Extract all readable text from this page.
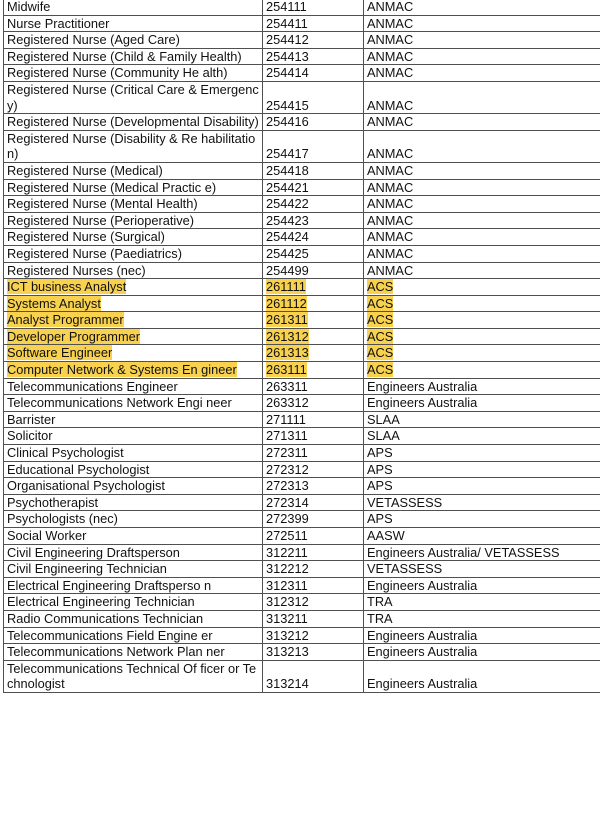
Midwife	254111	ANMAC
Nurse Practitioner	254411	ANMAC
Registered Nurse (Aged Care)	254412	ANMAC
Registered Nurse (Child & Family Health)	254413	ANMAC
Registered Nurse (Community He alth)	254414	ANMAC
Registered Nurse (Critical Care & Emergency)	254415	ANMAC
Registered Nurse (Developmental Disability)	254416	ANMAC
Registered Nurse (Disability & Re habilitation)	254417	ANMAC
Registered Nurse (Medical)	254418	ANMAC
Registered Nurse (Medical Practic e)	254421	ANMAC
Registered Nurse (Mental Health)	254422	ANMAC
Registered Nurse (Perioperative)	254423	ANMAC
Registered Nurse (Surgical)	254424	ANMAC
Registered Nurse (Paediatrics)	254425	ANMAC
Registered Nurses (nec)	254499	ANMAC
ICT business Analyst	261111	ACS
Systems Analyst	261112	ACS
Analyst Programmer	261311	ACS
Developer Programmer	261312	ACS
Software Engineer	261313	ACS
Computer Network & Systems En gineer	263111	ACS
Telecommunications Engineer	263311	Engineers Australia
Telecommunications Network Engi neer	263312	Engineers Australia
Barrister	271111	SLAA
Solicitor	271311	SLAA
Clinical Psychologist	272311	APS
Educational Psychologist	272312	APS
Organisational Psychologist	272313	APS
Psychotherapist	272314	VETASSESS
Psychologists (nec)	272399	APS
Social Worker	272511	AASW
Civil Engineering Draftsperson	312211	Engineers Australia/ VETASSESS
Civil Engineering Technician	312212	VETASSESS
Electrical Engineering Draftsperso n	312311	Engineers Australia
Electrical Engineering Technician	312312	TRA
Radio Communications Technician	313211	TRA
Telecommunications Field Engine er	313212	Engineers Australia
Telecommunications Network Plan ner	313213	Engineers Australia
Telecommunications Technical Of ficer or Technologist	313214	Engineers Australia
